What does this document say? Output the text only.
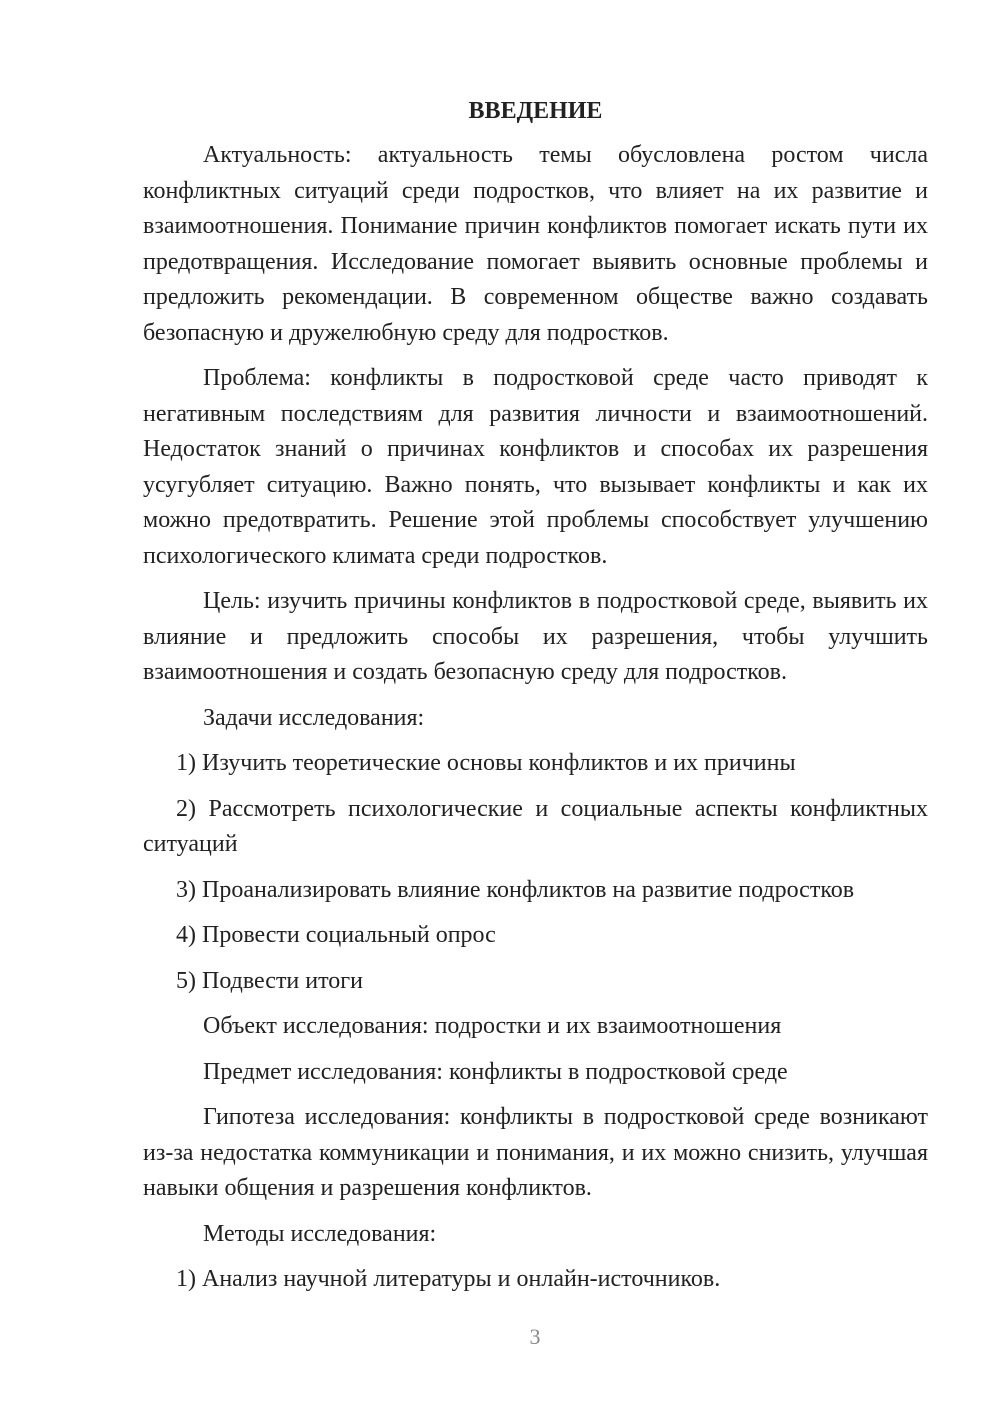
ВВЕДЕНИЕ

Актуальность: актуальность темы обусловлена ростом числа конфликтных ситуаций среди подростков, что влияет на их развитие и взаимоотношения. Понимание причин конфликтов помогает искать пути их предотвращения. Исследование помогает выявить основные проблемы и предложить рекомендации. В современном обществе важно создавать безопасную и дружелюбную среду для подростков.

Проблема: конфликты в подростковой среде часто приводят к негативным последствиям для развития личности и взаимоотношений. Недостаток знаний о причинах конфликтов и способах их разрешения усугубляет ситуацию. Важно понять, что вызывает конфликты и как их можно предотвратить. Решение этой проблемы способствует улучшению психологического климата среди подростков.

Цель: изучить причины конфликтов в подростковой среде, выявить их влияние и предложить способы их разрешения, чтобы улучшить взаимоотношения и создать безопасную среду для подростков.

Задачи исследования:

1) Изучить теоретические основы конфликтов и их причины

2) Рассмотреть психологические и социальные аспекты конфликтных ситуаций

3) Проанализировать влияние конфликтов на развитие подростков

4) Провести социальный опрос

5) Подвести итоги

Объект исследования: подростки и их взаимоотношения

Предмет исследования: конфликты в подростковой среде

Гипотеза исследования: конфликты в подростковой среде возникают из-за недостатка коммуникации и понимания, и их можно снизить, улучшая навыки общения и разрешения конфликтов.

Методы исследования:

1) Анализ научной литературы и онлайн-источников.

3
